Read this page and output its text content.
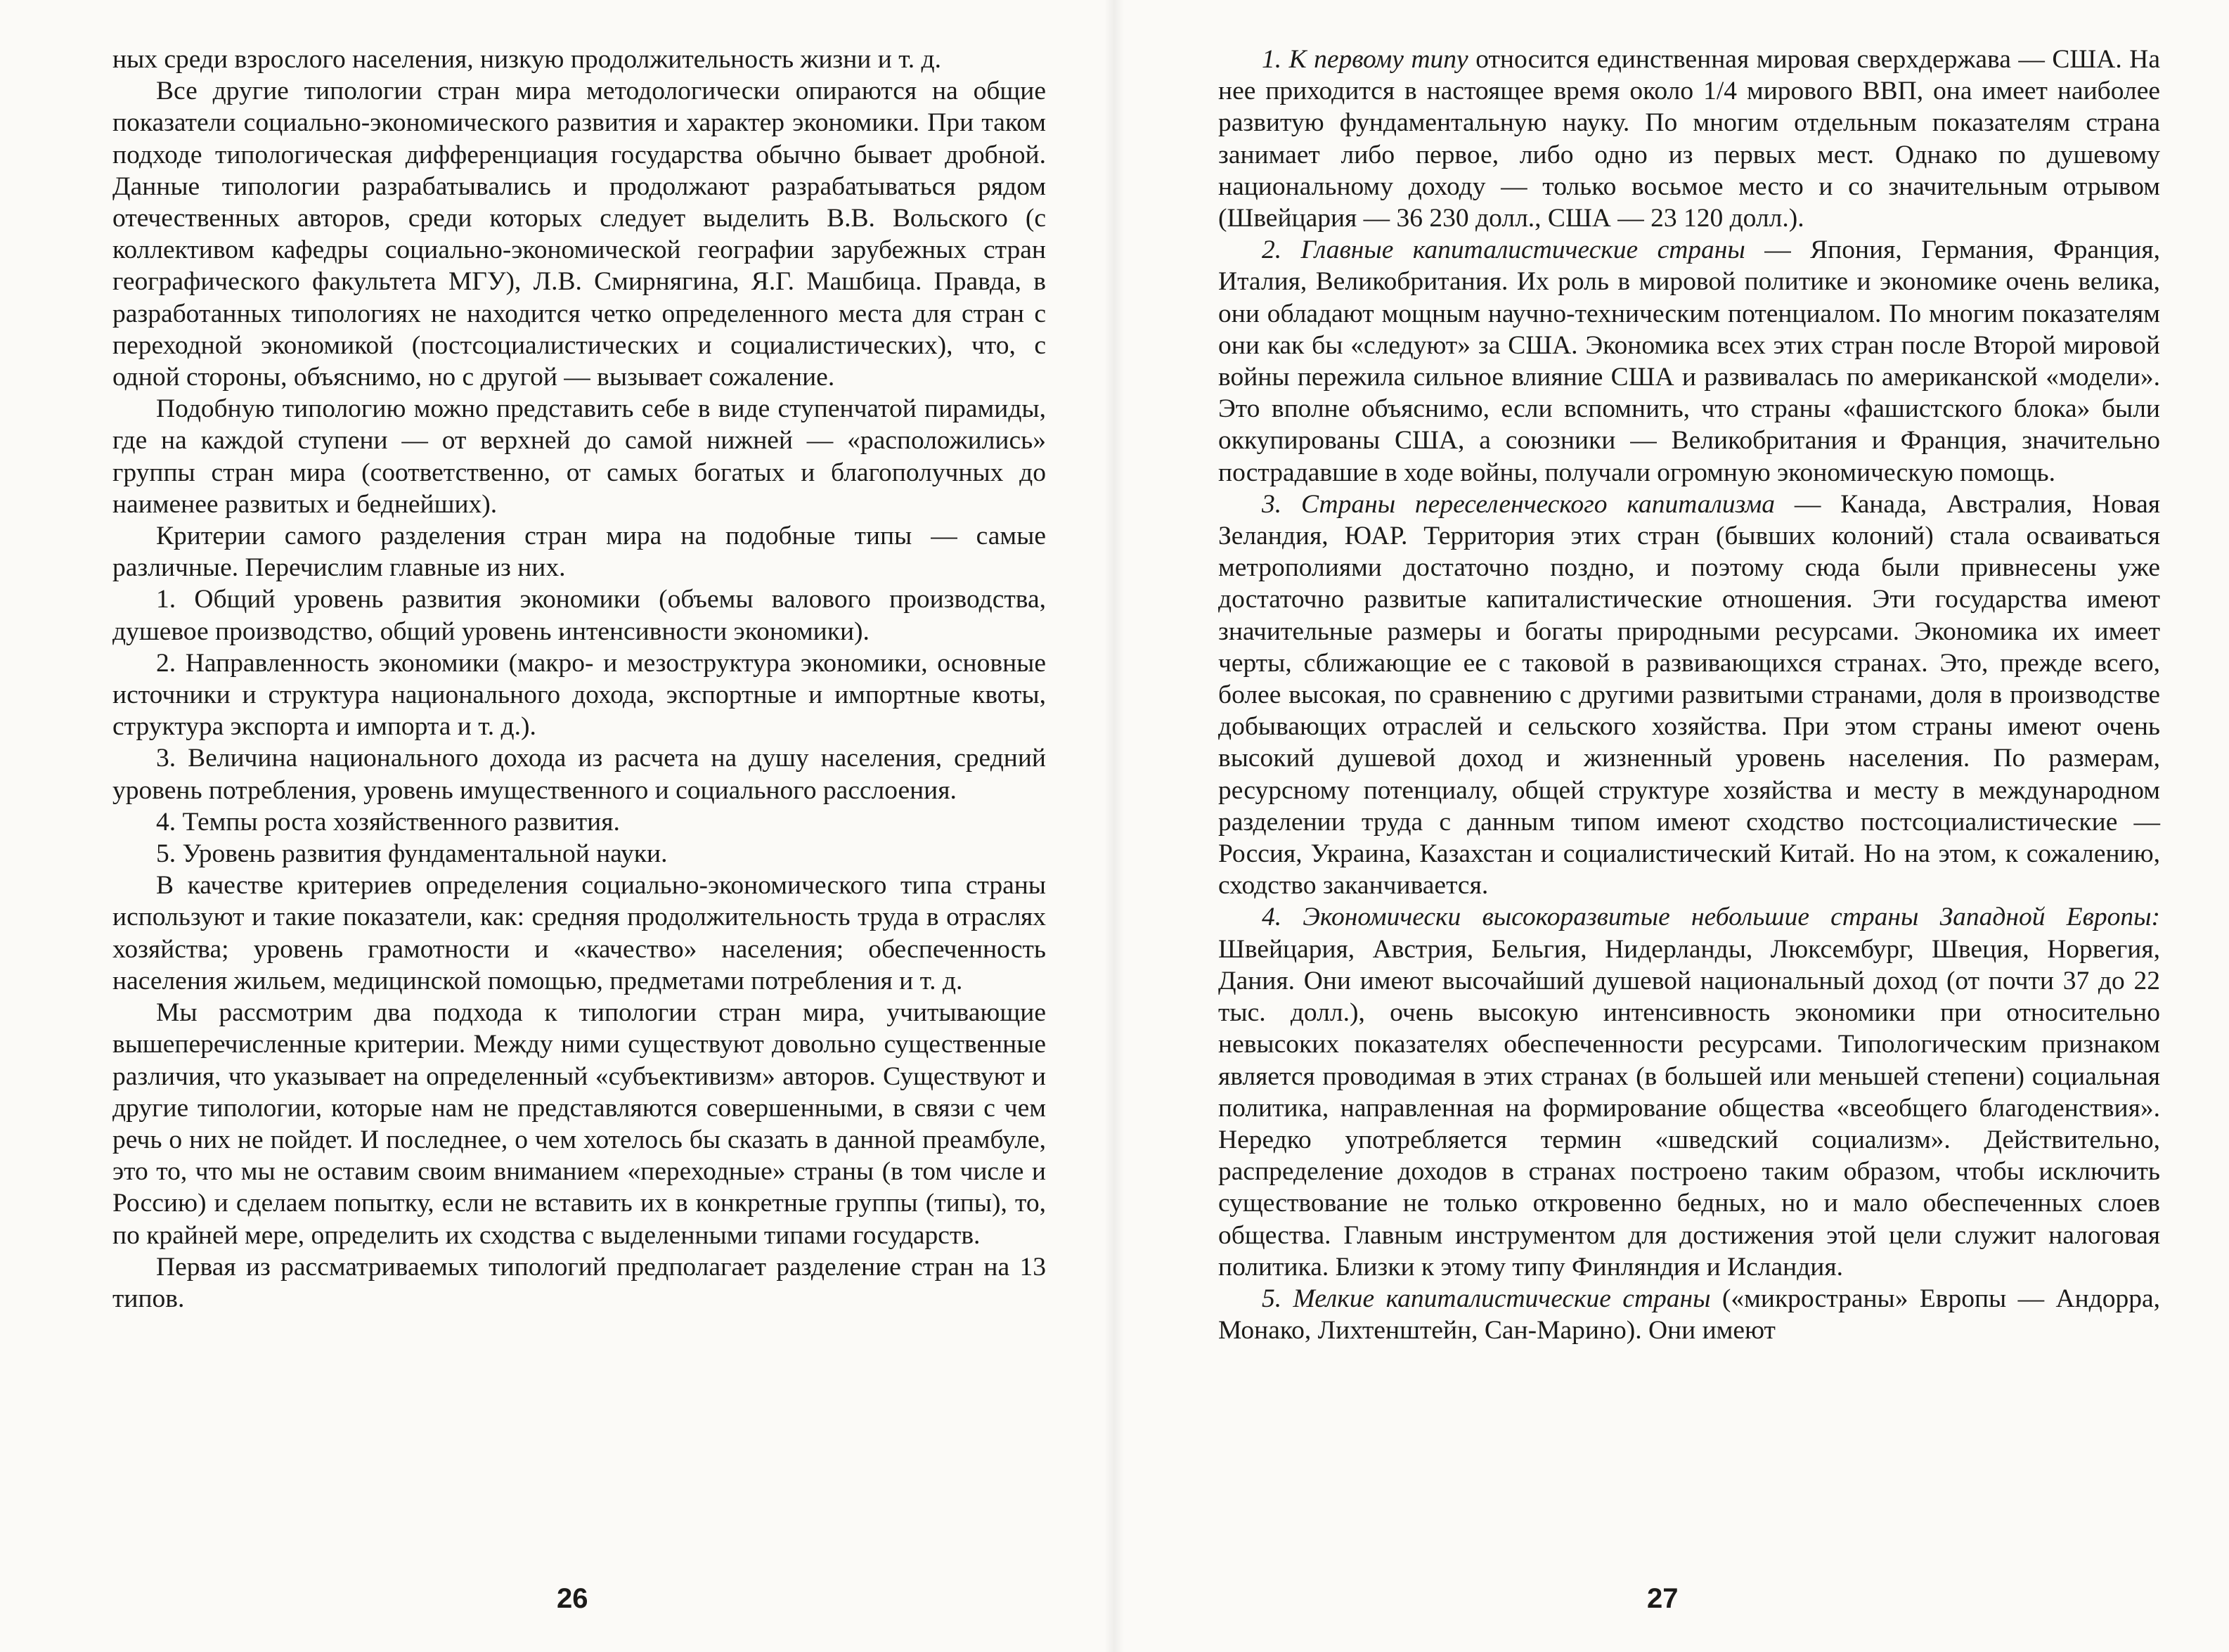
ных среди взрослого населения, низкую продолжительность жизни и т. д.

Все другие типологии стран мира методологически опираются на общие показатели социально-экономического развития и характер экономики. При таком подходе типологическая дифференциация государства обычно бывает дробной. Данные типологии разрабатывались и продолжают разрабатываться рядом отечественных авторов, среди которых следует выделить В.В. Вольского (с коллективом кафедры социально-экономической географии зарубежных стран географического факультета МГУ), Л.В. Смирнягина, Я.Г. Машбица. Правда, в разработанных типологиях не находится четко определенного места для стран с переходной экономикой (постсоциалистических и социалистических), что, с одной стороны, объяснимо, но с другой — вызывает сожаление.

Подобную типологию можно представить себе в виде ступенчатой пирамиды, где на каждой ступени — от верхней до самой нижней — «расположились» группы стран мира (соответственно, от самых богатых и благополучных до наименее развитых и беднейших).

Критерии самого разделения стран мира на подобные типы — самые различные. Перечислим главные из них.

1. Общий уровень развития экономики (объемы валового производства, душевое производство, общий уровень интенсивности экономики).

2. Направленность экономики (макро- и мезоструктура экономики, основные источники и структура национального дохода, экспортные и импортные квоты, структура экспорта и импорта и т. д.).

3. Величина национального дохода из расчета на душу населения, средний уровень потребления, уровень имущественного и социального расслоения.

4. Темпы роста хозяйственного развития.

5. Уровень развития фундаментальной науки.

В качестве критериев определения социально-экономического типа страны используют и такие показатели, как: средняя продолжительность труда в отраслях хозяйства; уровень грамотности и «качество» населения; обеспеченность населения жильем, медицинской помощью, предметами потребления и т. д.

Мы рассмотрим два подхода к типологии стран мира, учитывающие вышеперечисленные критерии. Между ними существуют довольно существенные различия, что указывает на определенный «субъективизм» авторов. Существуют и другие типологии, которые нам не представляются совершенными, в связи с чем речь о них не пойдет. И последнее, о чем хотелось бы сказать в данной преамбуле, это то, что мы не оставим своим вниманием «переходные» страны (в том числе и Россию) и сделаем попытку, если не вставить их в конкретные группы (типы), то, по крайней мере, определить их сходства с выделенными типами государств.

Первая из рассматриваемых типологий предполагает разделение стран на 13 типов.

26

1. К первому типу относится единственная мировая сверхдержава — США. На нее приходится в настоящее время около 1/4 мирового ВВП, она имеет наиболее развитую фундаментальную науку. По многим отдельным показателям страна занимает либо первое, либо одно из первых мест. Однако по душевому национальному доходу — только восьмое место и со значительным отрывом (Швейцария — 36 230 долл., США — 23 120 долл.).

2. Главные капиталистические страны — Япония, Германия, Франция, Италия, Великобритания. Их роль в мировой политике и экономике очень велика, они обладают мощным научно-техническим потенциалом. По многим показателям они как бы «следуют» за США. Экономика всех этих стран после Второй мировой войны пережила сильное влияние США и развивалась по американской «модели». Это вполне объяснимо, если вспомнить, что страны «фашистского блока» были оккупированы США, а союзники — Великобритания и Франция, значительно пострадавшие в ходе войны, получали огромную экономическую помощь.

3. Страны переселенческого капитализма — Канада, Австралия, Новая Зеландия, ЮАР. Территория этих стран (бывших колоний) стала осваиваться метрополиями достаточно поздно, и поэтому сюда были привнесены уже достаточно развитые капиталистические отношения. Эти государства имеют значительные размеры и богаты природными ресурсами. Экономика их имеет черты, сближающие ее с таковой в развивающихся странах. Это, прежде всего, более высокая, по сравнению с другими развитыми странами, доля в производстве добывающих отраслей и сельского хозяйства. При этом страны имеют очень высокий душевой доход и жизненный уровень населения. По размерам, ресурсному потенциалу, общей структуре хозяйства и месту в международном разделении труда с данным типом имеют сходство постсоциалистические — Россия, Украина, Казахстан и социалистический Китай. Но на этом, к сожалению, сходство заканчивается.

4. Экономически высокоразвитые небольшие страны Западной Европы: Швейцария, Австрия, Бельгия, Нидерланды, Люксембург, Швеция, Норвегия, Дания. Они имеют высочайший душевой национальный доход (от почти 37 до 22 тыс. долл.), очень высокую интенсивность экономики при относительно невысоких показателях обеспеченности ресурсами. Типологическим признаком является проводимая в этих странах (в большей или меньшей степени) социальная политика, направленная на формирование общества «всеобщего благоденствия». Нередко употребляется термин «шведский социализм». Действительно, распределение доходов в странах построено таким образом, чтобы исключить существование не только откровенно бедных, но и мало обеспеченных слоев общества. Главным инструментом для достижения этой цели служит налоговая политика. Близки к этому типу Финляндия и Исландия.

5. Мелкие капиталистические страны («микространы» Европы — Андорра, Монако, Лихтенштейн, Сан-Марино). Они имеют

27
